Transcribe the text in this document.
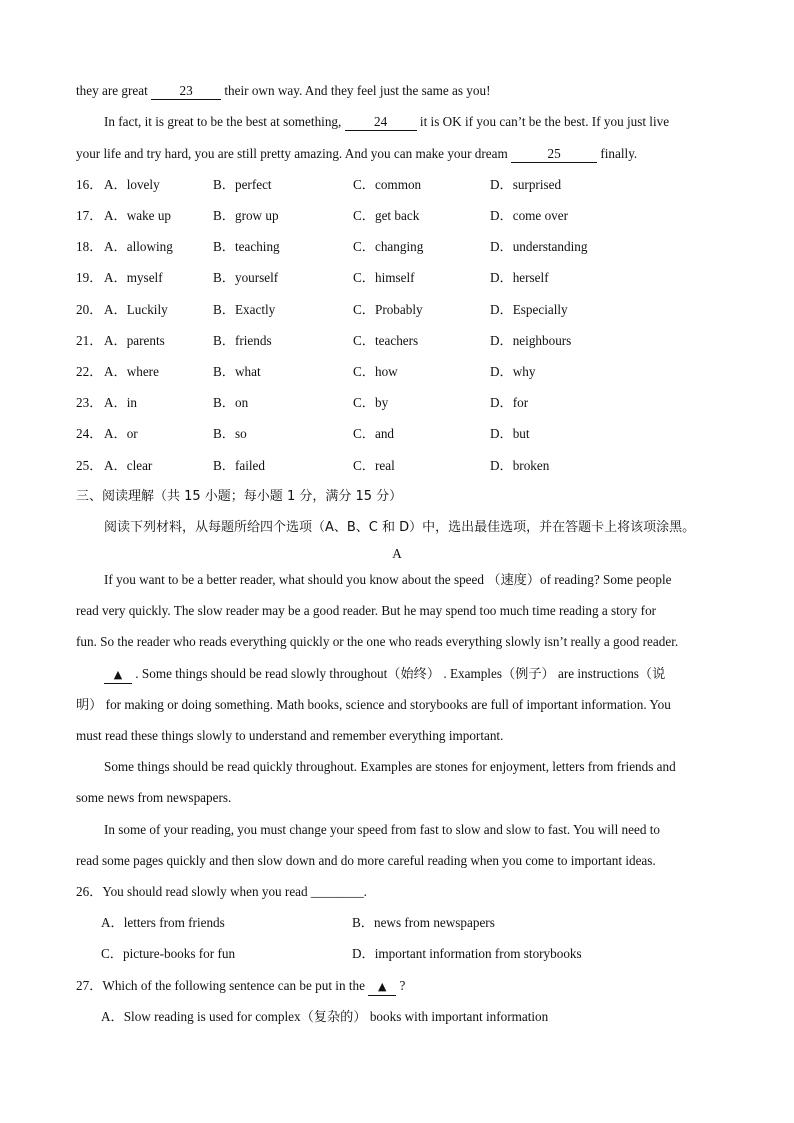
they are great 23 their own way. And they feel just the same as you!
In fact, it is great to be the best at something, 24 it is OK if you can’t be the best. If you just live
your life and try hard, you are still pretty amazing. And you can make your dream	25	finally.
16． A．lovely	B．perfect	C．common	D．surprised
17． A．wake up	B．grow up	C．get back	D．come over
18． A．allowing	B．teaching	C．changing	D．understanding
19． A．myself	B．yourself	C．himself	D．herself
20． A．Luckily	B．Exactly	C．Probably	D．Especially
21． A．parents	B．friends	C．teachers	D．neighbours
22． A．where	B．what	C．how	D．why
23． A．in	B．on	C．by	D．for
24． A．or	B．so	C．and	D．but
25． A．clear	B．failed	C．real	D．broken
三、阅读理解（共 15 小题；每小题 1 分，满分 15 分）
阅读下列材料，从每题所给四个选项（A、B、C 和 D）中，选出最佳选项，并在答题卡上将该项涂黑。
A
If you want to be a better reader, what should you know about the speed （速度）of reading? Some people
read very quickly. The slow reader may be a good reader. But he may spend too much time reading a story for
fun. So the reader who reads everything quickly or the one who reads everything slowly isn’t really a good reader.
▲ . Some things should be read slowly throughout（始终） . Examples（例子） are instructions（说
明） for making or doing something. Math books, science and storybooks are full of important information. You
must read these things slowly to understand and remember everything important.
Some things should be read quickly throughout. Examples are stones for enjoyment, letters from friends and
some news from newspapers.
In some of your reading, you must change your speed from fast to slow and slow to fast. You will need to
read some pages quickly and then slow down and do more careful reading when you come to important ideas.
26．You should read slowly when you read ________.
A．letters from friends	B．news from newspapers
C．picture-books for fun	D．important information from storybooks
27．Which of the following sentence can be put in the ▲ ?
A．Slow reading is used for complex（复杂的） books with important information
